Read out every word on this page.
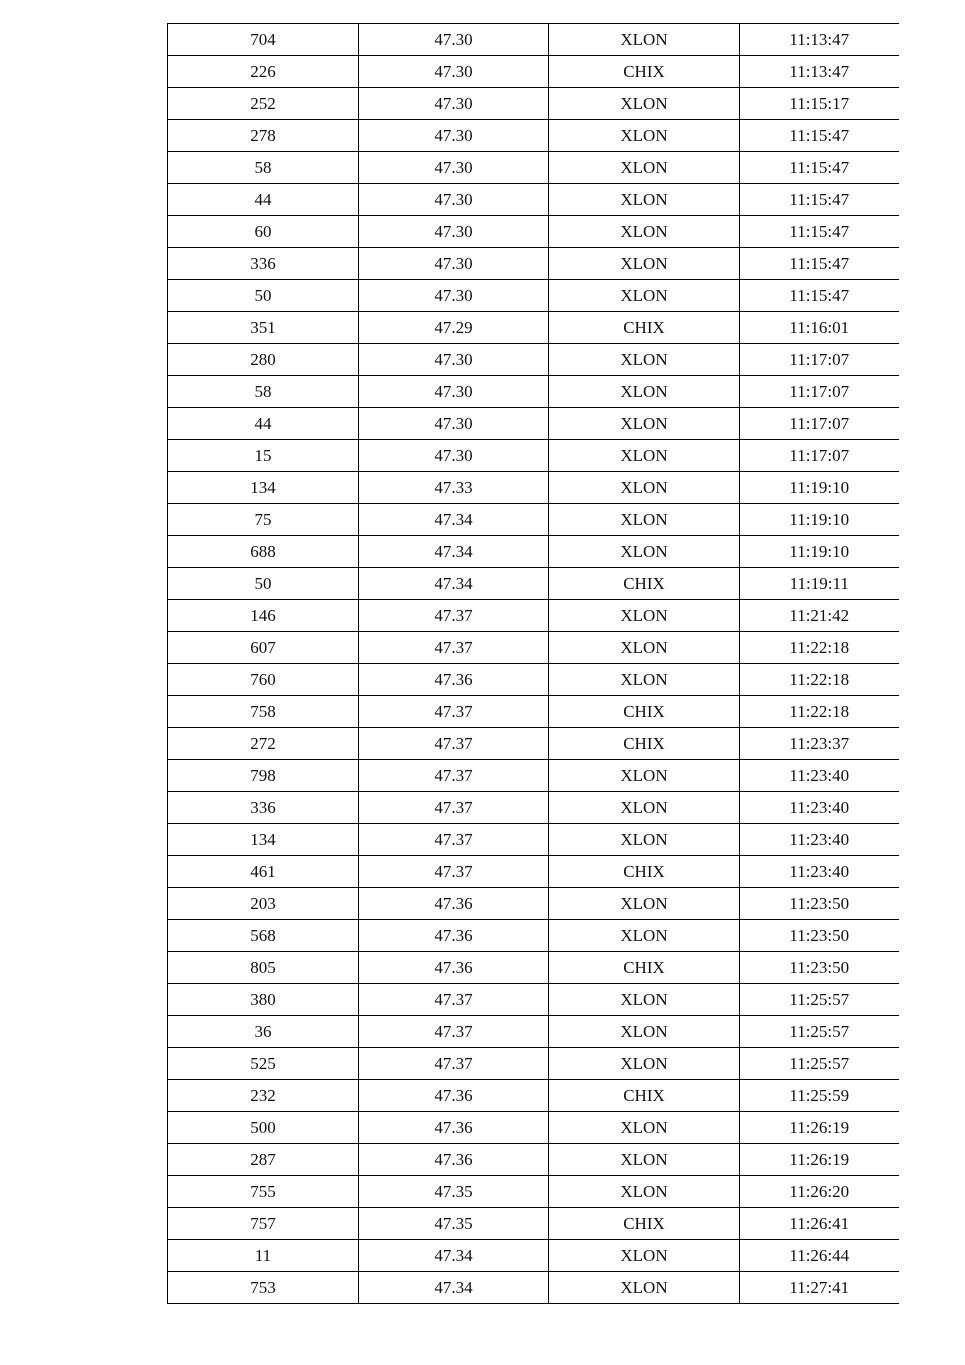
704	47.30	XLON	11:13:47
226	47.30	CHIX	11:13:47
252	47.30	XLON	11:15:17
278	47.30	XLON	11:15:47
58	47.30	XLON	11:15:47
44	47.30	XLON	11:15:47
60	47.30	XLON	11:15:47
336	47.30	XLON	11:15:47
50	47.30	XLON	11:15:47
351	47.29	CHIX	11:16:01
280	47.30	XLON	11:17:07
58	47.30	XLON	11:17:07
44	47.30	XLON	11:17:07
15	47.30	XLON	11:17:07
134	47.33	XLON	11:19:10
75	47.34	XLON	11:19:10
688	47.34	XLON	11:19:10
50	47.34	CHIX	11:19:11
146	47.37	XLON	11:21:42
607	47.37	XLON	11:22:18
760	47.36	XLON	11:22:18
758	47.37	CHIX	11:22:18
272	47.37	CHIX	11:23:37
798	47.37	XLON	11:23:40
336	47.37	XLON	11:23:40
134	47.37	XLON	11:23:40
461	47.37	CHIX	11:23:40
203	47.36	XLON	11:23:50
568	47.36	XLON	11:23:50
805	47.36	CHIX	11:23:50
380	47.37	XLON	11:25:57
36	47.37	XLON	11:25:57
525	47.37	XLON	11:25:57
232	47.36	CHIX	11:25:59
500	47.36	XLON	11:26:19
287	47.36	XLON	11:26:19
755	47.35	XLON	11:26:20
757	47.35	CHIX	11:26:41
11	47.34	XLON	11:26:44
753	47.34	XLON	11:27:41
